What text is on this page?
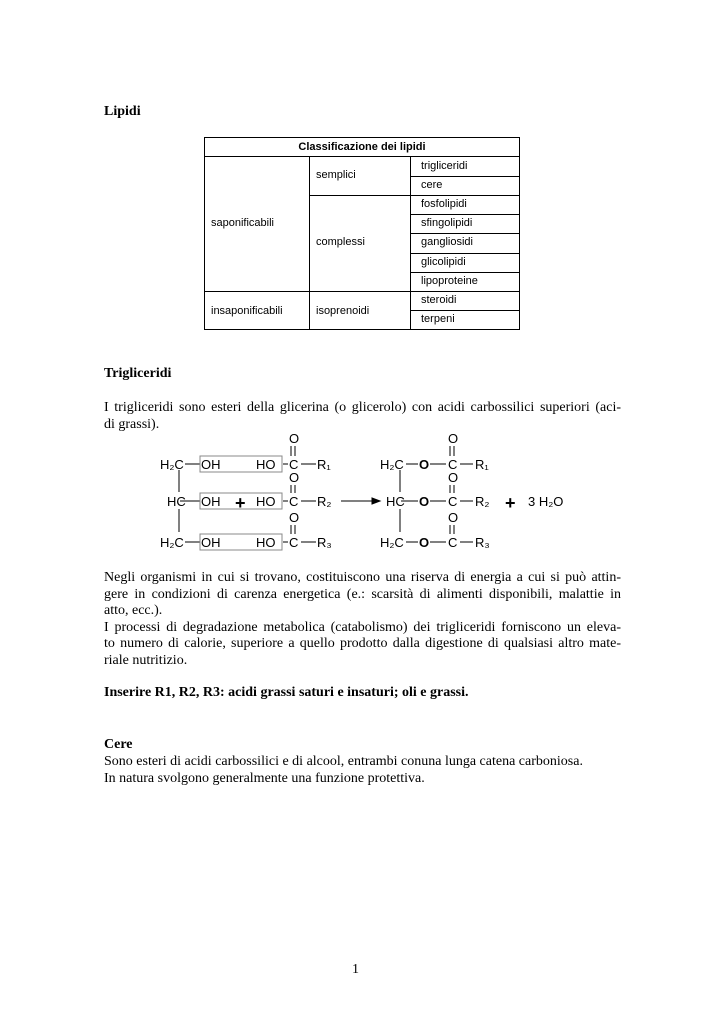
Lipidi
Classificazione dei lipidi
saponificabili
insaponificabili
semplici
complessi
isoprenoidi
trigliceridi
cere
fosfolipidi
sfingolipidi
gangliosidi
glicolipidi
lipoproteine
steroidi
terpeni
Trigliceridi
I trigliceridi sono esteri della glicerina (o glicerolo) con acidi carbossilici superiori (aci-
di grassi).
O
O
O
H₂C
HC
H₂C
OH
OH
OH
+
HO
HO
HO
C
C
C
R₁
R₂
R₃
O
O
O
H₂C
HC
H₂C
O
O
O
C
C
C
R₁
R₂
R₃
+ 3 H₂O
Negli organismi in cui si trovano, costituiscono una riserva di energia a cui si può attin-
gere in condizioni di carenza energetica (e.: scarsità di alimenti disponibili, malattie in
atto, ecc.).
I processi di degradazione metabolica (catabolismo) dei trigliceridi forniscono un eleva-
to numero di calorie, superiore a quello prodotto dalla digestione di qualsiasi altro mate-
riale nutritizio.
Inserire R1, R2, R3: acidi grassi saturi e insaturi; oli e grassi.
Cere
Sono esteri di acidi carbossilici e di alcool, entrambi conuna lunga catena carboniosa.
In natura svolgono generalmente una funzione protettiva.
1
